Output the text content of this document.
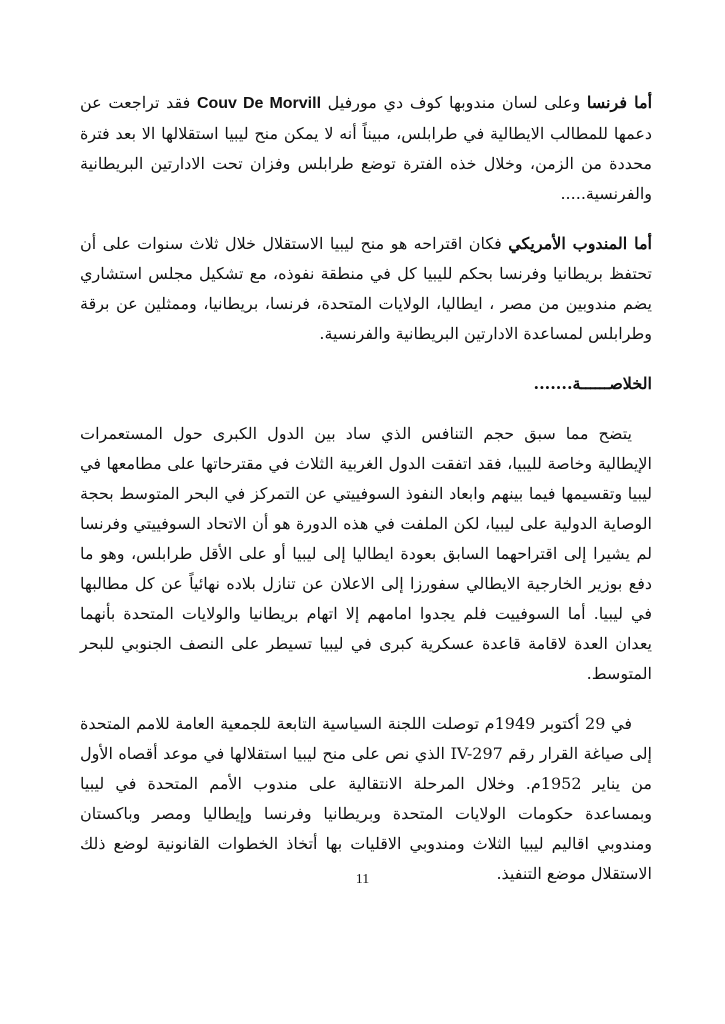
أما فرنسا وعلى لسان مندوبها كوف دي مورفيل Couv De Morvill فقد تراجعت عن دعمها للمطالب الايطالية في طرابلس، مبيناً أنه لا يمكن منح ليبيا استقلالها الا بعد فترة محددة من الزمن، وخلال خذه الفترة توضع طرابلس وفزان تحت الادارتين البريطانية والفرنسية.....

أما المندوب الأمريكي فكان اقتراحه هو منح ليبيا الاستقلال خلال ثلاث سنوات على أن تحتفظ بريطانيا وفرنسا بحكم لليبيا كل في منطقة نفوذه، مع تشكيل مجلس استشاري يضم مندوبين من مصر ، ايطاليا، الولايات المتحدة، فرنسا، بريطانيا، وممثلين عن برقة وطرابلس لمساعدة الادارتين البريطانية والفرنسية.

الخلاصــــــة.......

يتضح مما سبق حجم التنافس الذي ساد بين الدول الكبرى حول المستعمرات الإيطالية وخاصة لليبيا، فقد اتفقت الدول الغربية الثلاث في مقترحاتها على مطامعها في ليبيا وتقسيمها فيما بينهم وابعاد النفوذ السوفييتي عن التمركز في البحر المتوسط بحجة الوصاية الدولية على ليبيا، لكن الملفت في هذه الدورة هو أن الاتحاد السوفييتي وفرنسا لم يشيرا إلى اقتراحهما السابق بعودة ايطاليا إلى ليبيا أو على الأقل طرابلس، وهو ما دفع بوزير الخارجية الايطالي سفورزا إلى الاعلان عن تنازل بلاده نهائياً عن كل مطالبها في ليبيا. أما السوفييت فلم يجدوا امامهم إلا اتهام بريطانيا والولايات المتحدة بأنهما يعدان العدة لاقامة قاعدة عسكرية كبرى في ليبيا تسيطر على النصف الجنوبي للبحر المتوسط.

في 29 أكتوبر 1949م توصلت اللجنة السياسية التابعة للجمعية العامة للامم المتحدة إلى صياغة القرار رقم IV-297 الذي نص على منح ليبيا استقلالها في موعد أقصاه الأول من يناير 1952م. وخلال المرحلة الانتقالية على مندوب الأمم المتحدة في ليبيا وبمساعدة حكومات الولايات المتحدة وبريطانيا وفرنسا وإيطاليا ومصر وباكستان ومندوبي اقاليم ليبيا الثلاث ومندوبي الاقليات بها أتخاذ الخطوات القانونية لوضع ذلك الاستقلال موضع التنفيذ.

11
